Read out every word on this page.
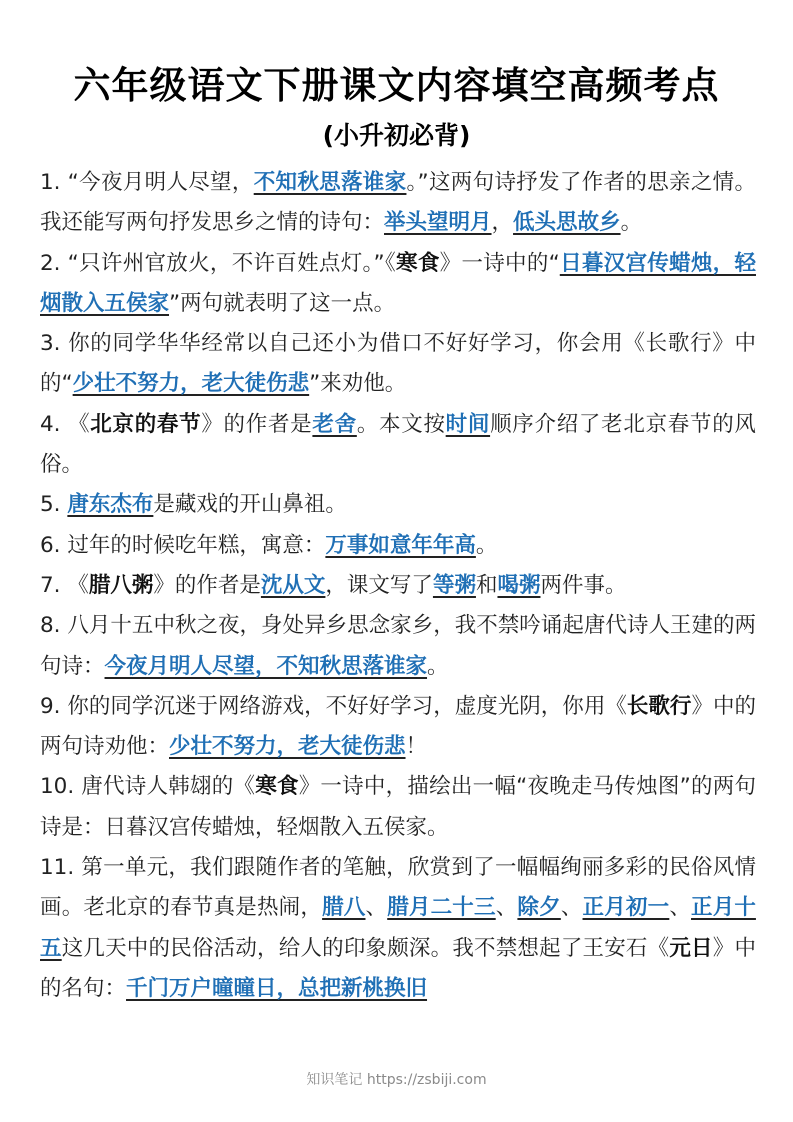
六年级语文下册课文内容填空高频考点
(小升初必背)

1. “今夜月明人尽望，不知秋思落谁家。”这两句诗抒发了作者的思亲之情。我还能写两句抒发思乡之情的诗句：举头望明月，低头思故乡。

2. “只许州官放火，不许百姓点灯。”《寒食》一诗中的“日暮汉宫传蜡烛，轻烟散入五侯家”两句就表明了这一点。

3. 你的同学华华经常以自己还小为借口不好好学习，你会用《长歌行》中的“少壮不努力，老大徒伤悲”来劝他。

4. 《北京的春节》的作者是老舍。本文按时间顺序介绍了老北京春节的风俗。

5. 唐东杰布是藏戏的开山鼻祖。

6. 过年的时候吃年糕，寓意：万事如意年年高。

7. 《腊八粥》的作者是沈从文，课文写了等粥和喝粥两件事。

8. 八月十五中秋之夜，身处异乡思念家乡，我不禁吟诵起唐代诗人王建的两句诗：今夜月明人尽望，不知秋思落谁家。

9. 你的同学沉迷于网络游戏，不好好学习，虚度光阴，你用《长歌行》中的两句诗劝他：少壮不努力，老大徒伤悲！

10. 唐代诗人韩翃的《寒食》一诗中，描绘出一幅“夜晚走马传烛图”的两句诗是：日暮汉宫传蜡烛，轻烟散入五侯家。

11. 第一单元，我们跟随作者的笔触，欣赏到了一幅幅绚丽多彩的民俗风情画。老北京的春节真是热闹，腊八、腊月二十三、除夕、正月初一、正月十五这几天中的民俗活动，给人的印象颇深。我不禁想起了王安石《元日》中的名句：千门万户曈曈日，总把新桃换旧

知识笔记 https://zsbiji.com
